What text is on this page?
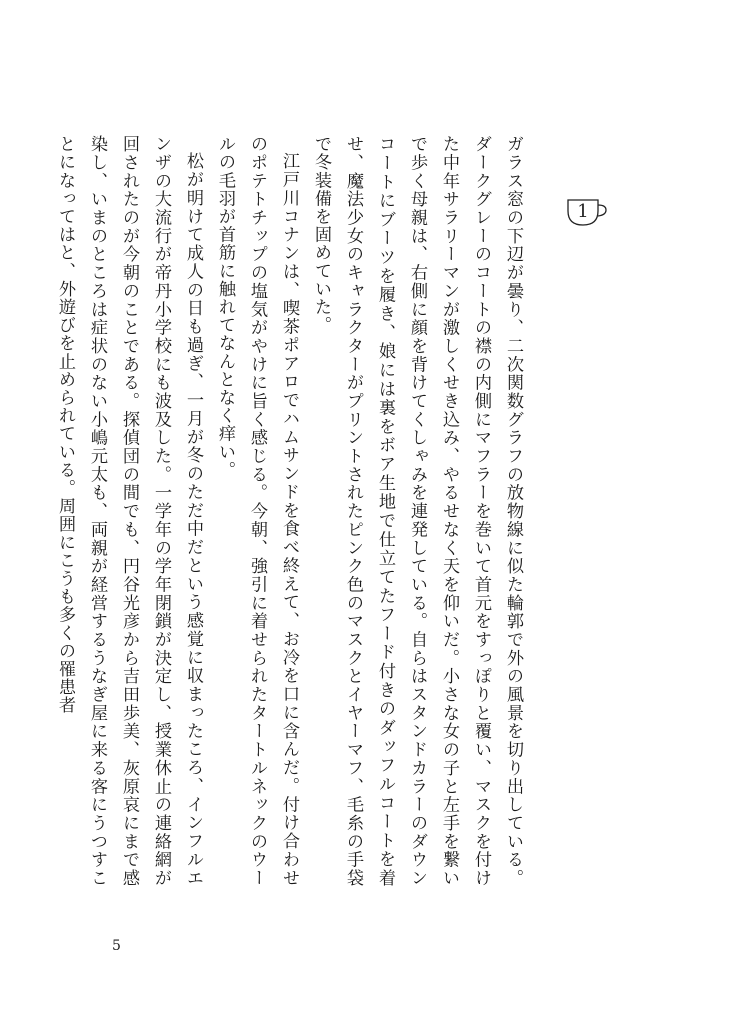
1

ガラス窓の下辺が曇り、二次関数グラフの放物線に似た輪郭で外の風景を切り出している。ダークグレーのコートの襟の内側にマフラーを巻いて首元をすっぽりと覆い、マスクを付けた中年サラリーマンが激しくせき込み、やるせなく天を仰いだ。小さな女の子と左手を繋いで歩く母親は、右側に顔を背けてくしゃみを連発している。自らはスタンドカラーのダウンコートにブーツを履き、娘には裏をボア生地で仕立てたフード付きのダッフルコートを着せ、魔法少女のキャラクターがプリントされたピンク色のマスクとイヤーマフ、毛糸の手袋で冬装備を固めていた。

江戸川コナンは、喫茶ポアロでハムサンドを食べ終えて、お冷を口に含んだ。付け合わせのポテトチップの塩気がやけに旨く感じる。今朝、強引に着せられたタートルネックのウールの毛羽が首筋に触れてなんとなく痒い。

松が明けて成人の日も過ぎ、一月が冬のただ中だという感覚に収まったころ、インフルエンザの大流行が帝丹小学校にも波及した。一学年の学年閉鎖が決定し、授業休止の連絡網が回されたのが今朝のことである。探偵団の間でも、円谷光彦から吉田歩美、灰原哀にまで感染し、いまのところは症状のない小嶋元太も、両親が経営するうなぎ屋に来る客にうつすことになってはと、外遊びを止められている。周囲にこうも多くの罹患者

5
